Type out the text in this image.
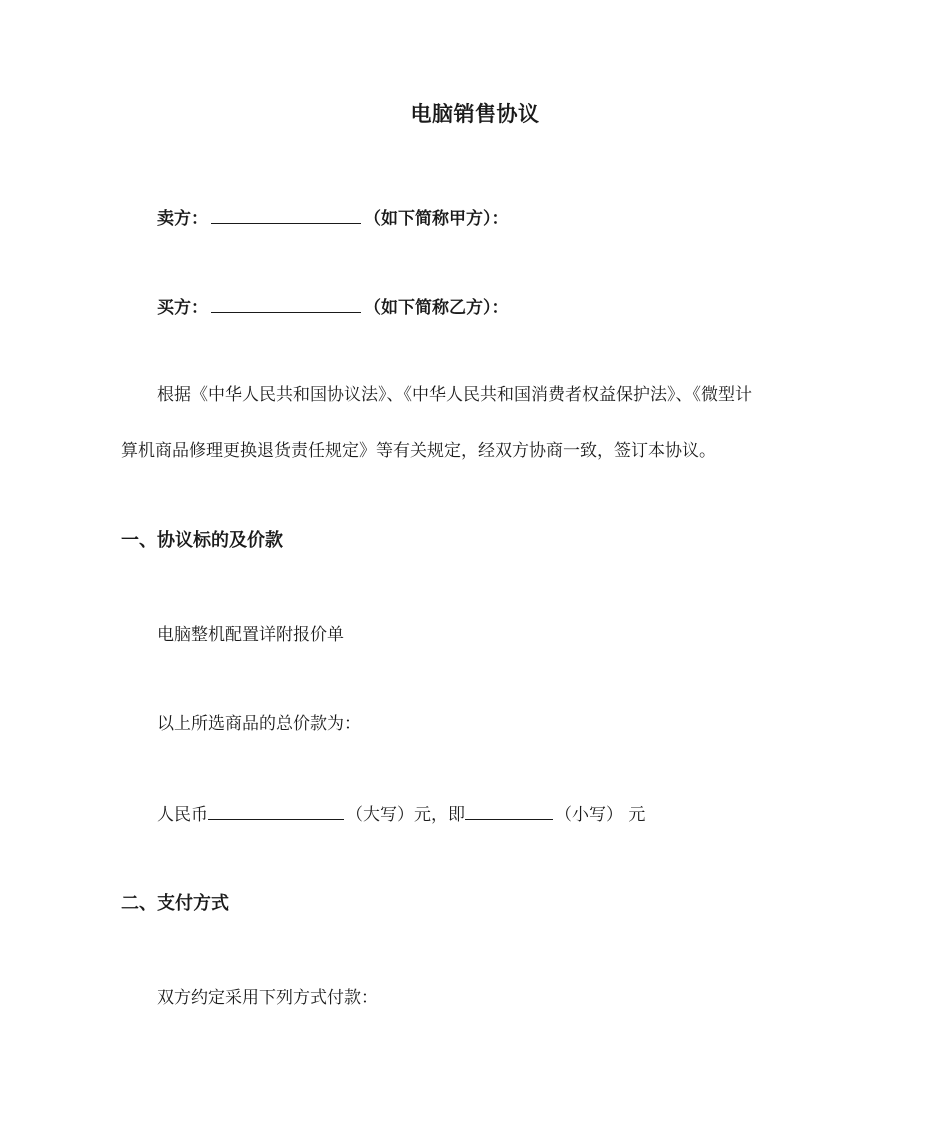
电脑销售协议
卖方：	（如下简称甲方）：
买方：	（如下简称乙方）：
根据《中华人民共和国协议法》、《中华人民共和国消费者权益保护法》、《微型计
算机商品修理更换退货责任规定》等有关规定，经双方协商一致，签订本协议。
一、协议标的及价款
电脑整机配置详附报价单
以上所选商品的总价款为：
人民币	（大写）元，即	（小写） 元
二、支付方式
双方约定采用下列方式付款：
